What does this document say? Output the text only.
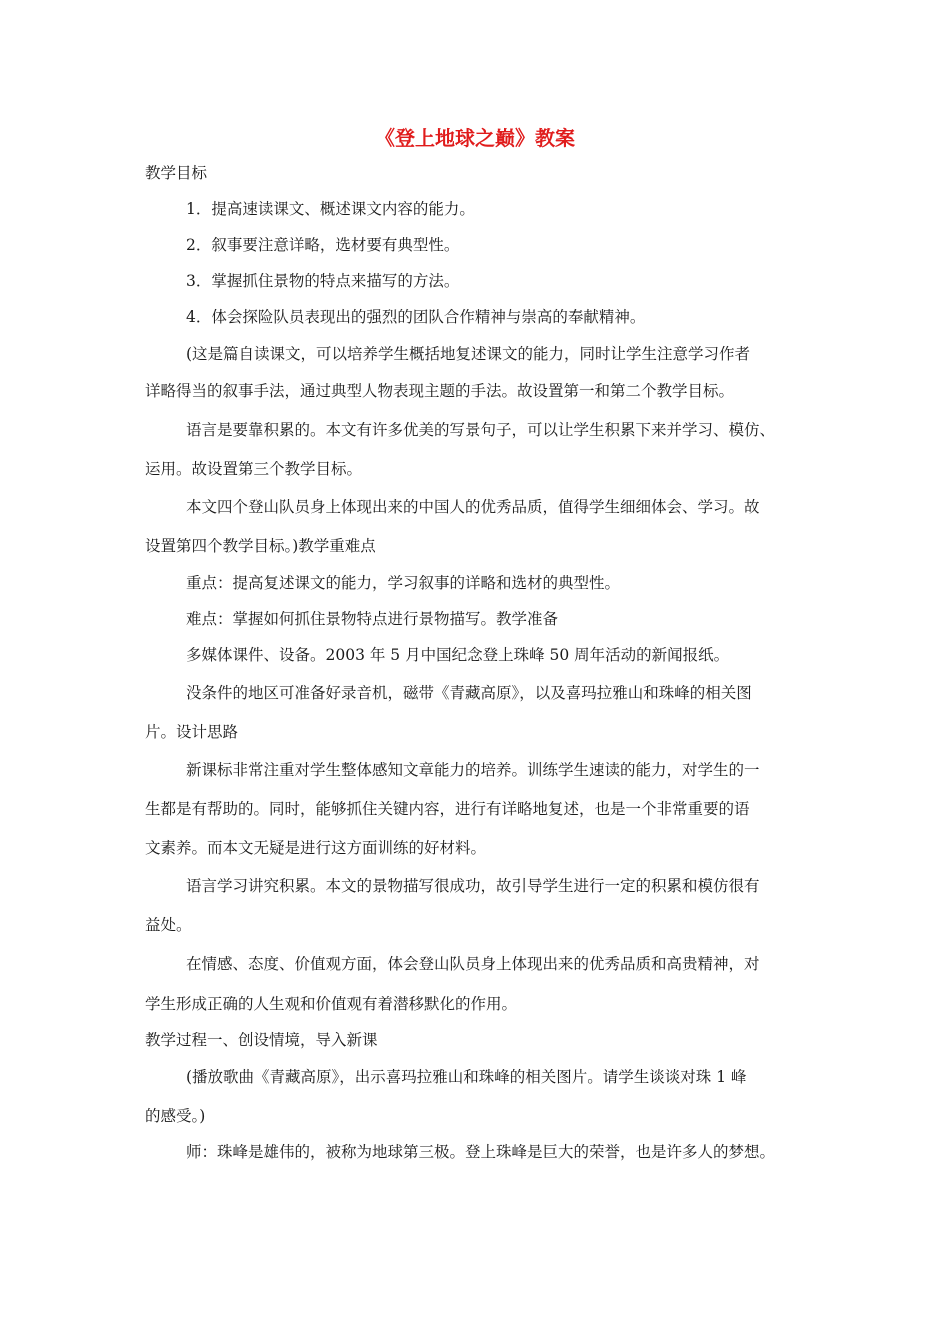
《登上地球之巅》教案
教学目标
1．提高速读课文、概述课文内容的能力。
2．叙事要注意详略，选材要有典型性。
3．掌握抓住景物的特点来描写的方法。
4．体会探险队员表现出的强烈的团队合作精神与崇高的奉献精神。
(这是篇自读课文，可以培养学生概括地复述课文的能力，同时让学生注意学习作者
详略得当的叙事手法，通过典型人物表现主题的手法。故设置第一和第二个教学目标。
语言是要靠积累的。本文有许多优美的写景句子，可以让学生积累下来并学习、模仿、
运用。故设置第三个教学目标。
本文四个登山队员身上体现出来的中国人的优秀品质，值得学生细细体会、学习。故
设置第四个教学目标。)教学重难点
重点：提高复述课文的能力，学习叙事的详略和选材的典型性。
难点：掌握如何抓住景物特点进行景物描写。教学准备
多媒体课件、设备。2003 年 5 月中国纪念登上珠峰 50 周年活动的新闻报纸。
没条件的地区可准备好录音机，磁带《青藏高原》，以及喜玛拉雅山和珠峰的相关图
片。设计思路
新课标非常注重对学生整体感知文章能力的培养。训练学生速读的能力，对学生的一
生都是有帮助的。同时，能够抓住关键内容，进行有详略地复述，也是一个非常重要的语
文素养。而本文无疑是进行这方面训练的好材料。
语言学习讲究积累。本文的景物描写很成功，故引导学生进行一定的积累和模仿很有
益处。
在情感、态度、价值观方面，体会登山队员身上体现出来的优秀品质和高贵精神，对
学生形成正确的人生观和价值观有着潜移默化的作用。
教学过程一、创设情境，导入新课
(播放歌曲《青藏高原》，出示喜玛拉雅山和珠峰的相关图片。请学生谈谈对珠 1 峰
的感受。)
师：珠峰是雄伟的，被称为地球第三极。登上珠峰是巨大的荣誉，也是许多人的梦想。
